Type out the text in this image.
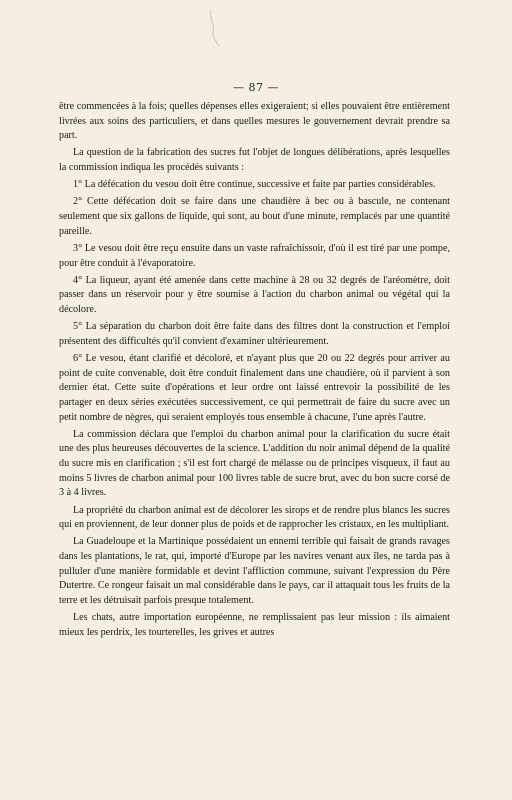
— 87 —

être commencées à la fois; quelles dépenses elles exigeraient; si elles pouvaient être entièrement livrées aux soins des particuliers, et dans quelles mesures le gouvernement devrait prendre sa part.

La question de la fabrication des sucres fut l'objet de longues délibérations, après lesquelles la commission indiqua les procédés suivants :

1° La défécation du vesou doit être continue, successive et faite par parties considérables.

2° Cette défécation doit se faire dans une chaudière à bec ou à bascule, ne contenant seulement que six gallons de liquide, qui sont, au bout d'une minute, remplacés par une quantité pareille.

3° Le vesou doit être reçu ensuite dans un vaste rafraîchissoir, d'où il est tiré par une pompe, pour être conduit à l'évaporatoire.

4° La liqueur, ayant été amenée dans cette machine à 28 ou 32 degrés de l'aréomètre, doit passer dans un réservoir pour y être soumise à l'action du charbon animal ou végétal qui la décolore.

5° La séparation du charbon doit être faite dans des filtres dont la construction et l'emploi présentent des difficultés qu'il convient d'examiner ultérieurement.

6° Le vesou, étant clarifié et décoloré, et n'ayant plus que 20 ou 22 degrés pour arriver au point de cuite convenable, doit être conduit finalement dans une chaudière, où il parvient à son dernier état. Cette suite d'opérations et leur ordre ont laissé entrevoir la possibilité de les partager en deux séries exécutées successivement, ce qui permettrait de faire du sucre avec un petit nombre de nègres, qui seraient employés tous ensemble à chacune, l'une après l'autre.

La commission déclara que l'emploi du charbon animal pour la clarification du sucre était une des plus heureuses découvertes de la science. L'addition du noir animal dépend de la qualité du sucre mis en clarification ; s'il est fort chargé de mélasse ou de principes visqueux, il faut au moins 5 livres de charbon animal pour 100 livres table de sucre brut, avec du bon sucre corsé de 3 à 4 livres.

La propriété du charbon animal est de décolorer les sirops et de rendre plus blancs les sucres qui en proviennent, de leur donner plus de poids et de rapprocher les cristaux, en les multipliant.

La Guadeloupe et la Martinique possédaient un ennemi terrible qui faisait de grands ravages dans les plantations, le rat, qui, importé d'Europe par les navires venant aux îles, ne tarda pas à pulluler d'une manière formidable et devint l'affliction commune, suivant l'expression du Père Dutertre. Ce rongeur faisait un mal considérable dans le pays, car il attaquait tous les fruits de la terre et les détruisait parfois presque totalement.

Les chats, autre importation européenne, ne remplissaient pas leur mission : ils aimaient mieux les perdrix, les tourterelles, les grives et autres
